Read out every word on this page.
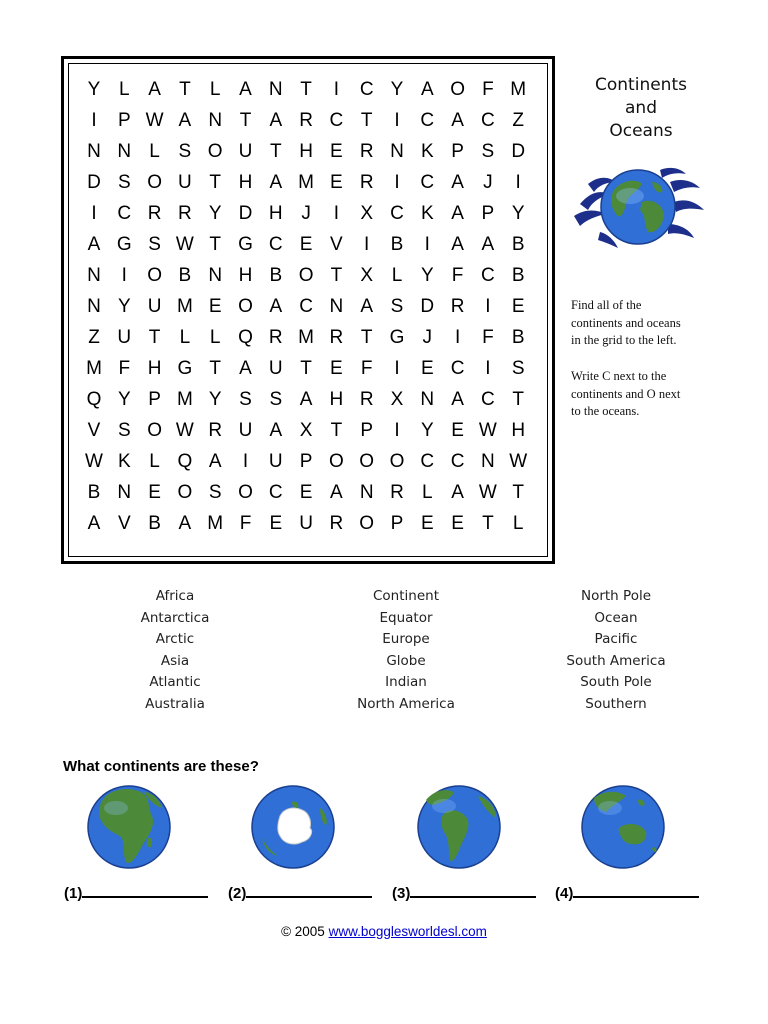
Y L A T	L A N T	I	C Y A O F M
I	P W A N T A R C T	I	C A C Z
N N L S O U T H E R N K P S D
D S O U T H A M E R	I	C A	J	I
I	C R R Y D H J	I	X C K A P Y
A G S W T G C E V	I	B	I	A A B
N	I	O B N H B O T X L Y F C B
N Y U M E O A C N A S D R	I	E
Z U T	L	L Q R M R T G J	I	F B
M F H G T A U T E F	I	E C	I	S
Q Y P M Y S S A H R X N A C T
V S O W R U A X T P	I	Y E W H
W K L Q A	I	U P O O O C C N W
B N E O S O C E A N R L A W T
A V B A M F E U R O P E E T	L
Continents
and
Oceans
Find all of the
continents and oceans
in the grid to the left.
Write C next to the
continents and O next
to the oceans.
Africa
Antarctica
Arctic
Asia
Atlantic
Australia
Continent
Equator
Europe
Globe
Indian
North America
North Pole
Ocean
Pacific
South America
South Pole
Southern
What continents are these?
(1)	(2)	(3)	(4)
© 2005 www.bogglesworldesl.com
